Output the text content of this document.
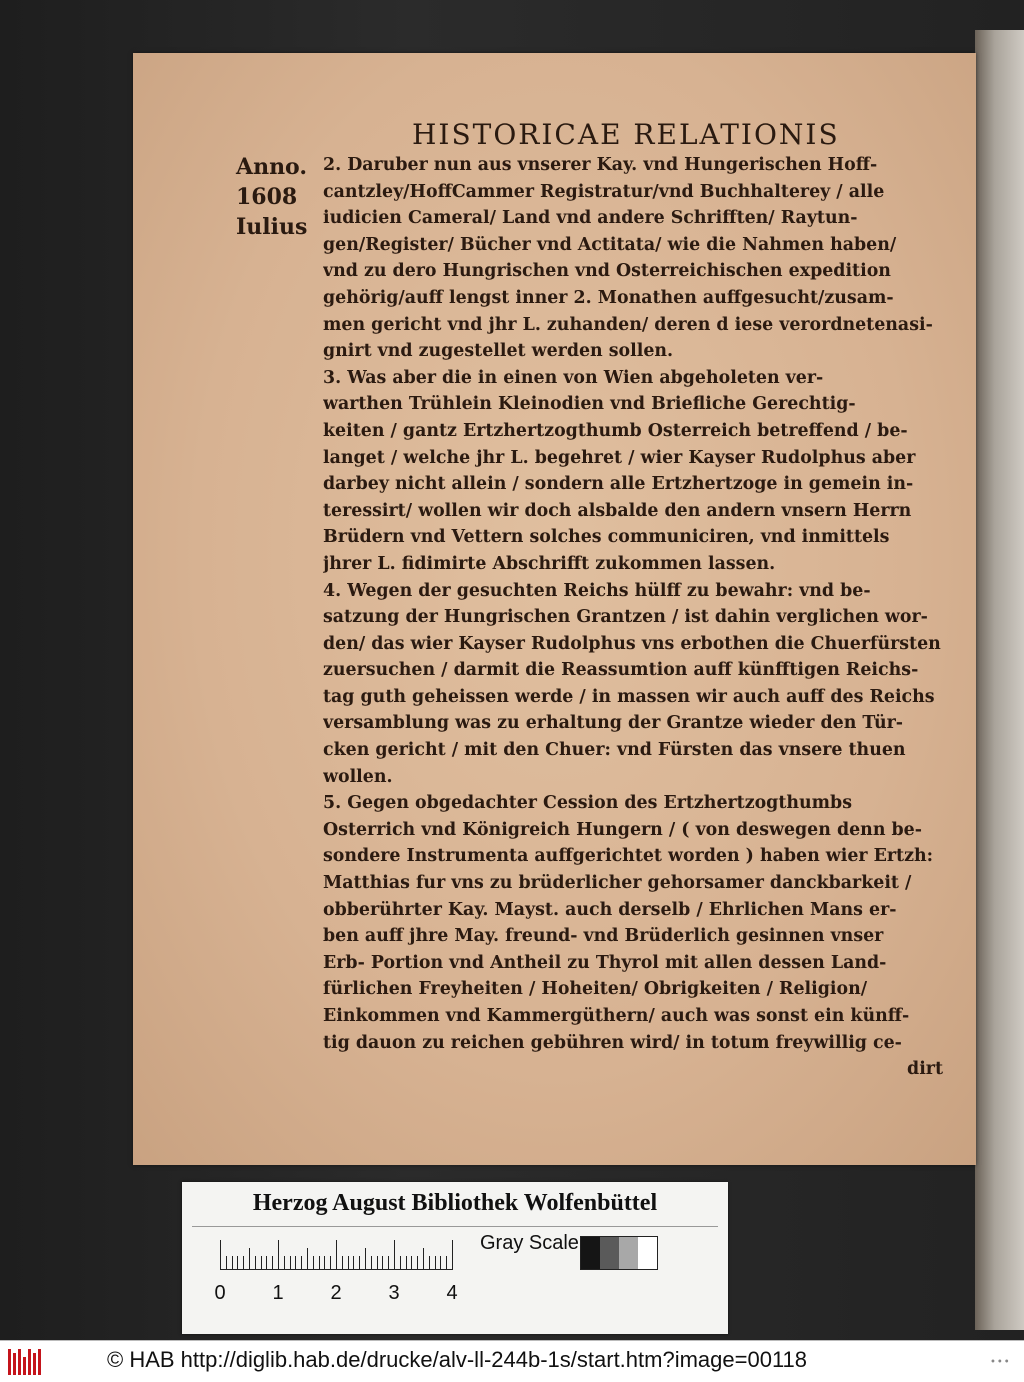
HISTORICAE RELATIONIS
Anno.
1608
Iulius
2. Daruber nun aus vnserer Kay. vnd Hungerischen Hoff-
cantzley/HoffCammer Registratur/vnd Buchhalterey / alle
iudicien Cameral/ Land vnd andere Schrifften/ Raytun-
gen/Register/ Bücher vnd Actitata/ wie die Nahmen haben/
vnd zu dero Hungrischen vnd Osterreichischen expedition
gehörig/auff lengst inner 2. Monathen auffgesucht/zusam-
men gericht vnd jhr L. zuhanden/ deren d iese verordnetenasi-
gnirt vnd zugestellet werden sollen.
3. Was aber die in einen von Wien abgeholeten ver-
warthen Trühlein Kleinodien vnd Briefliche Gerechtig-
keiten / gantz Ertzhertzogthumb Osterreich betreffend / be-
langet / welche jhr L. begehret / wier Kayser Rudolphus aber
darbey nicht allein / sondern alle Ertzhertzoge in gemein in-
teressirt/ wollen wir doch alsbalde den andern vnsern Herrn
Brüdern vnd Vettern solches communiciren, vnd inmittels
jhrer L. fidimirte Abschrifft zukommen lassen.
4. Wegen der gesuchten Reichs hülff zu bewahr: vnd be-
satzung der Hungrischen Grantzen / ist dahin verglichen wor-
den/ das wier Kayser Rudolphus vns erbothen die Chuerfürsten
zuersuchen / darmit die Reassumtion auff künfftigen Reichs-
tag guth geheissen werde / in massen wir auch auff des Reichs
versamblung was zu erhaltung der Grantze wieder den Tür-
cken gericht / mit den Chuer: vnd Fürsten das vnsere thuen
wollen.
5. Gegen obgedachter Cession des Ertzhertzogthumbs
Osterrich vnd Königreich Hungern / ( von deswegen denn be-
sondere Instrumenta auffgerichtet worden ) haben wier Ertzh:
Matthias fur vns zu brüderlicher gehorsamer danckbarkeit /
obberührter Kay. Mayst. auch derselb / Ehrlichen Mans er-
ben auff jhre May. freund- vnd Brüderlich gesinnen vnser
Erb- Portion vnd Antheil zu Thyrol mit allen dessen Land-
fürlichen Freyheiten / Hoheiten/ Obrigkeiten / Religion/
Einkommen vnd Kammergüthern/ auch was sonst ein künff-
tig dauon zu reichen gebühren wird/ in totum freywillig ce-
dirt
Herzog August Bibliothek Wolfenbüttel
0 1 2 3 4
Gray Scale
© HAB http://diglib.hab.de/drucke/alv-ll-244b-1s/start.htm?image=00118	•••
